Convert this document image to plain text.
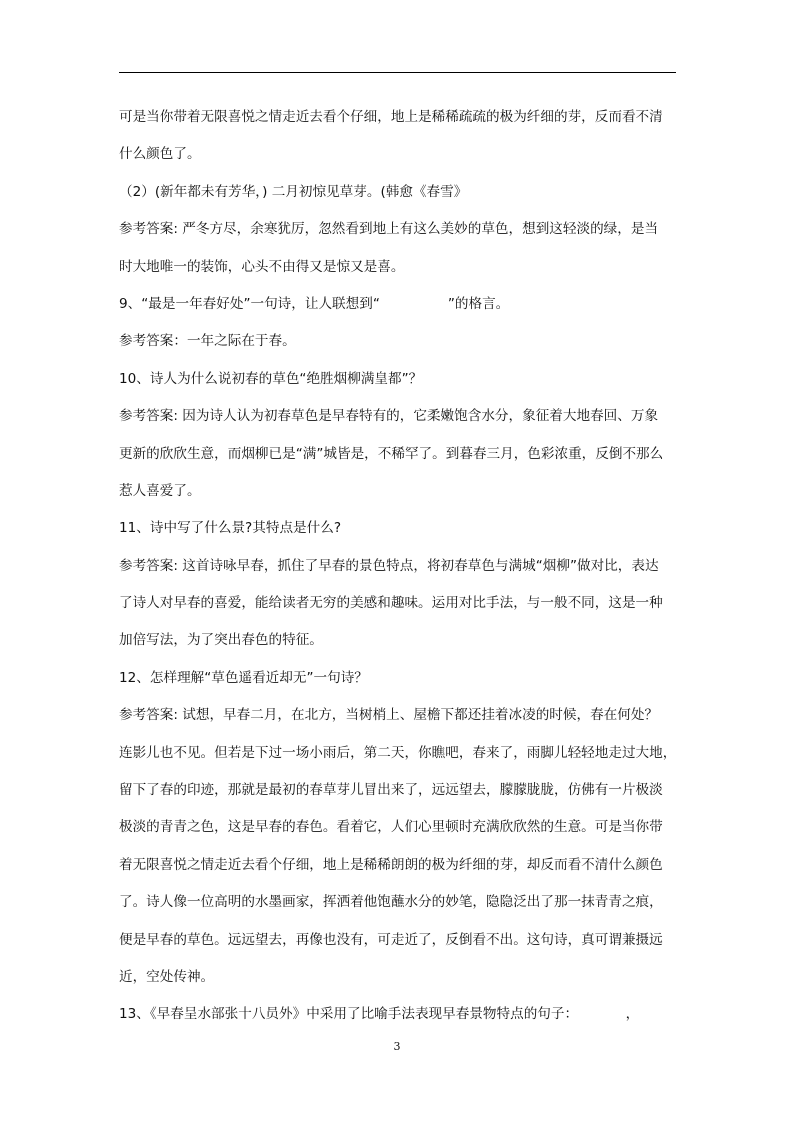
可是当你带着无限喜悦之情走近去看个仔细，地上是稀稀疏疏的极为纤细的芽，反而看不清
什么颜色了。
（2）(新年都未有芳华，) 二月初惊见草芽。(韩愈《春雪》
参考答案: 严冬方尽，余寒犹厉，忽然看到地上有这么美妙的草色，想到这轻淡的绿，是当
时大地唯一的装饰，心头不由得又是惊又是喜。
9、“最是一年春好处”一句诗，让人联想到“　　　　　”的格言。
参考答案：一年之际在于春。
10、诗人为什么说初春的草色“绝胜烟柳满皇都”？
参考答案: 因为诗人认为初春草色是早春特有的，它柔嫩饱含水分，象征着大地春回、万象
更新的欣欣生意，而烟柳已是“满”城皆是，不稀罕了。到暮春三月，色彩浓重，反倒不那么
惹人喜爱了。
11、诗中写了什么景?其特点是什么?
参考答案: 这首诗咏早春，抓住了早春的景色特点，将初春草色与满城“烟柳”做对比，表达
了诗人对早春的喜爱，能给读者无穷的美感和趣味。运用对比手法，与一般不同，这是一种
加倍写法，为了突出春色的特征。
12、怎样理解“草色遥看近却无”一句诗？
参考答案: 试想，早春二月，在北方，当树梢上、屋檐下都还挂着冰凌的时候，春在何处？
连影儿也不见。但若是下过一场小雨后，第二天，你瞧吧，春来了，雨脚儿轻轻地走过大地，
留下了春的印迹，那就是最初的春草芽儿冒出来了，远远望去，朦朦胧胧，仿佛有一片极淡
极淡的青青之色，这是早春的春色。看着它，人们心里顿时充满欣欣然的生意。可是当你带
着无限喜悦之情走近去看个仔细，地上是稀稀朗朗的极为纤细的芽，却反而看不清什么颜色
了。诗人像一位高明的水墨画家，挥洒着他饱蘸水分的妙笔，隐隐泛出了那一抹青青之痕，
便是早春的草色。远远望去，再像也没有，可走近了，反倒看不出。这句诗，真可谓兼摄远
近，空处传神。
13、《早春呈水部张十八员外》中采用了比喻手法表现早春景物特点的句子：　　　　，
3
